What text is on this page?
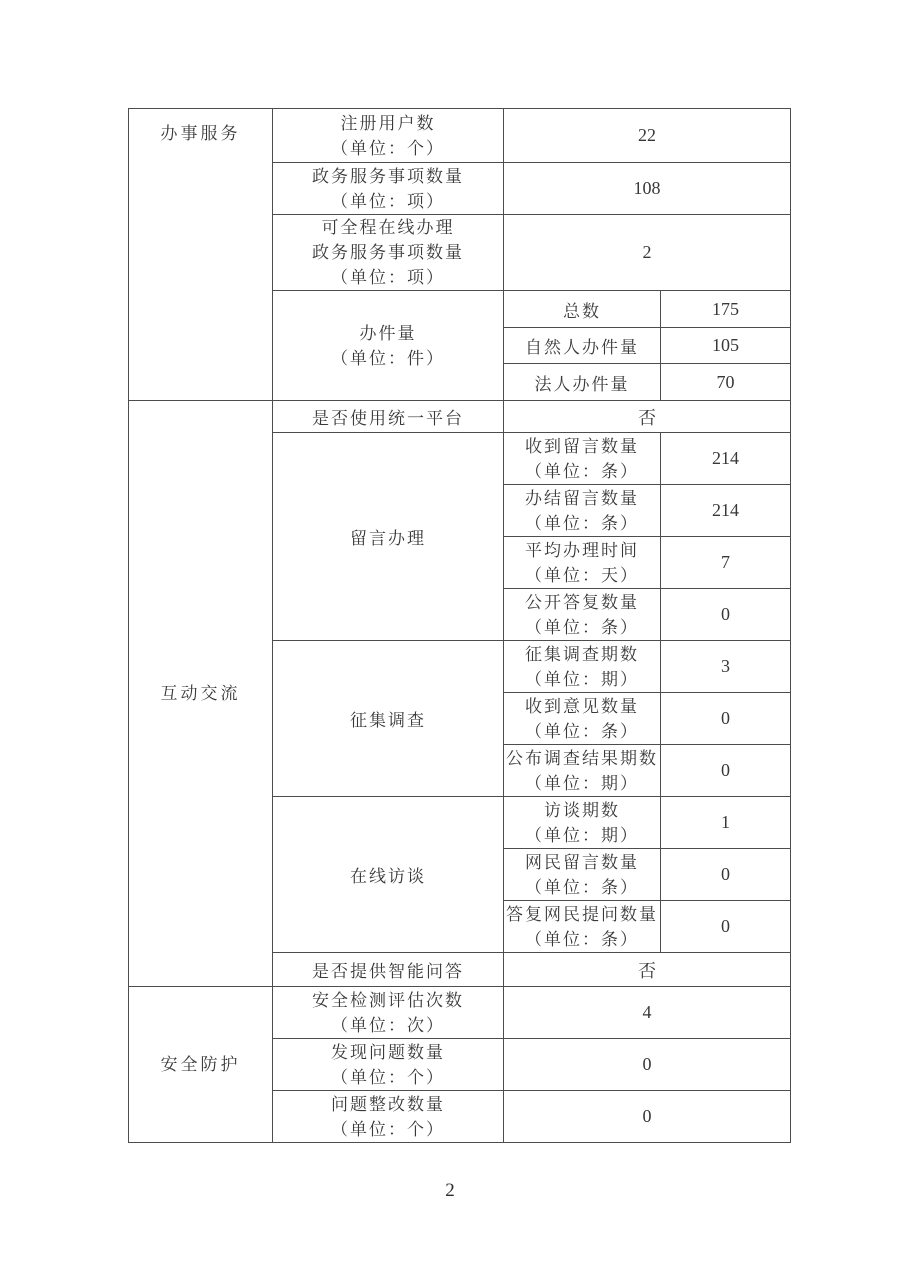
办事服务	注册用户数
（单位：个）	22	

	政务服务事项数量
（单位：项）	108	

	可全程在线办理
政务服务事项数量
（单位：项）	2	

	办件量
（单位：件）	总数	175
		自然人办件量	105
		法人办件量	70

互动交流	是否使用统一平台	否	
	留言办理	收到留言数量
（单位：条）	214

		办结留言数量
（单位：条）	214

		平均办理时间
（单位：天）	7

		公开答复数量
（单位：条）	0
	征集调查	征集调查期数
（单位：期）	3

		收到意见数量
（单位：条）	0

		公布调查结果期数
（单位：期）	0
	在线访谈	访谈期数
（单位：期）	1

		网民留言数量
（单位：条）	0

		答复网民提问数量
（单位：条）	0
	是否提供智能问答	否	

安全防护	安全检测评估次数
（单位：次）	4	

	发现问题数量
（单位：个）	0	

	问题整改数量
（单位：个）	0	
2
